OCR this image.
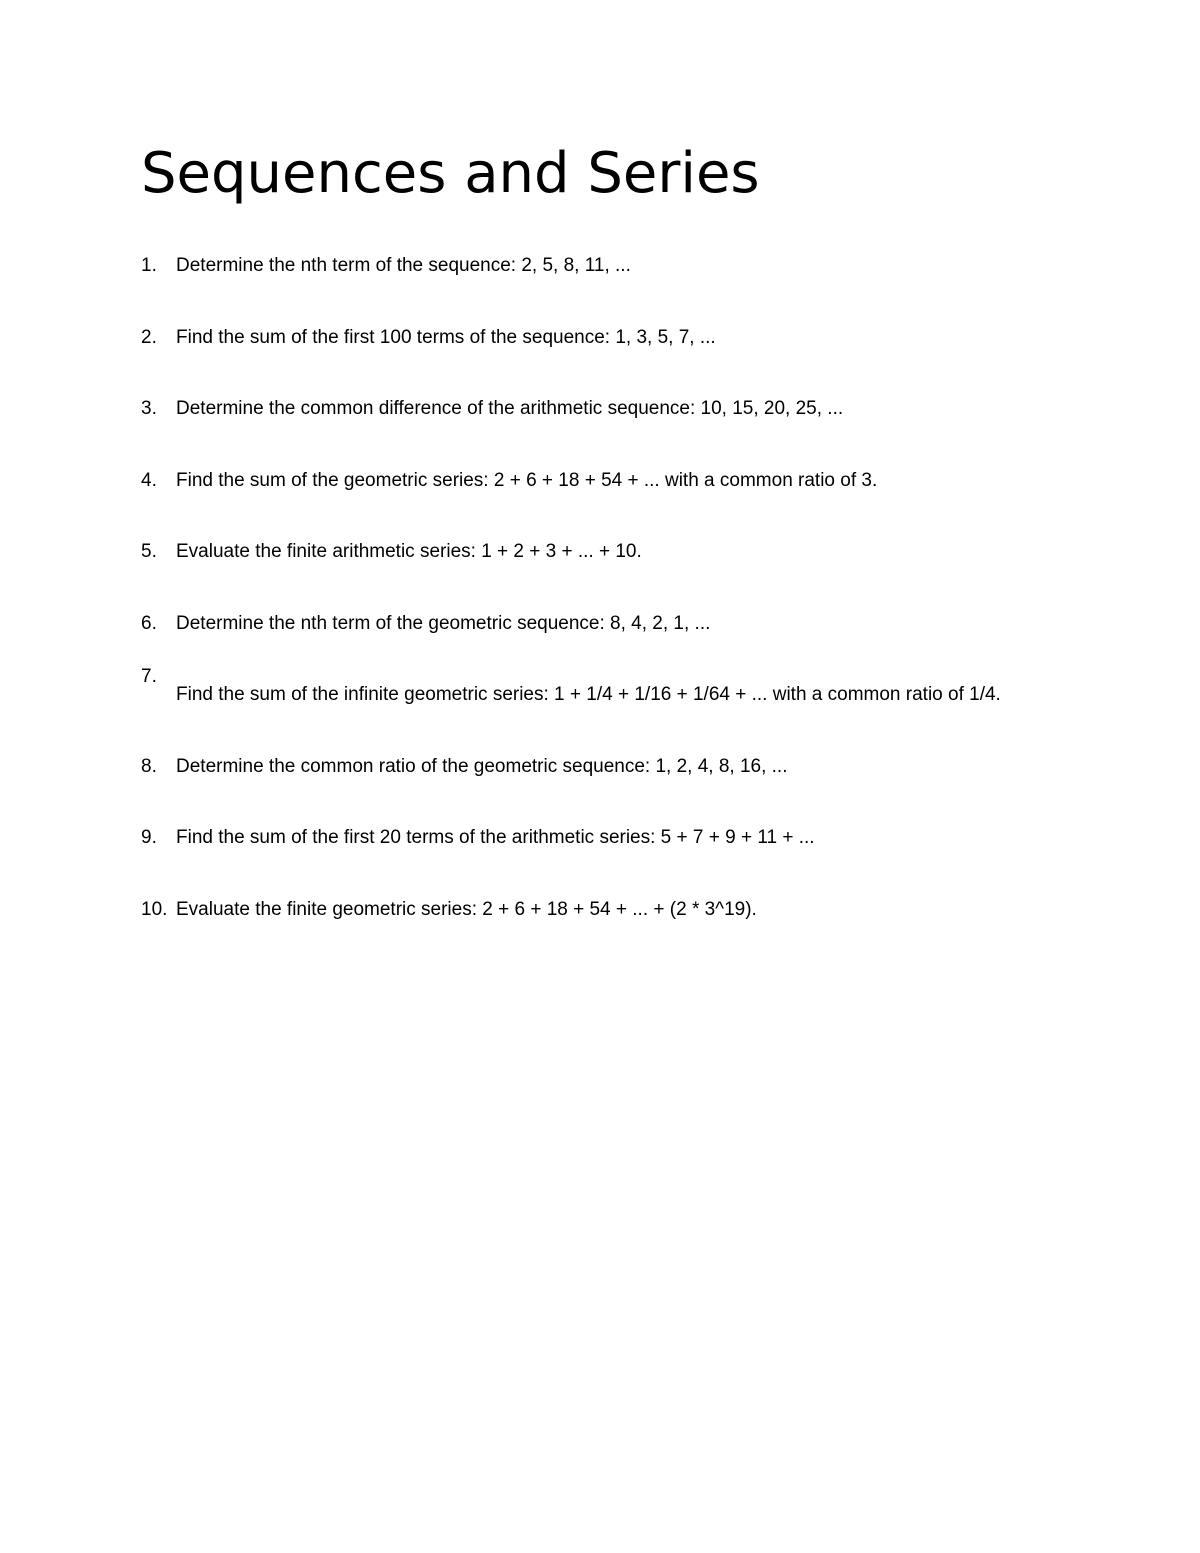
Sequences and Series
1. Determine the nth term of the sequence: 2, 5, 8, 11, ...
2. Find the sum of the first 100 terms of the sequence: 1, 3, 5, 7, ...
3. Determine the common difference of the arithmetic sequence: 10, 15, 20, 25, ...
4. Find the sum of the geometric series: 2 + 6 + 18 + 54 + ... with a common ratio of 3.
5. Evaluate the finite arithmetic series: 1 + 2 + 3 + ... + 10.
6. Determine the nth term of the geometric sequence: 8, 4, 2, 1, ...
7.
Find the sum of the infinite geometric series: 1 + 1/4 + 1/16 + 1/64 + ... with a common ratio of 1/4.
8. Determine the common ratio of the geometric sequence: 1, 2, 4, 8, 16, ...
9. Find the sum of the first 20 terms of the arithmetic series: 5 + 7 + 9 + 11 + ...
10. Evaluate the finite geometric series: 2 + 6 + 18 + 54 + ... + (2 * 3^19).
